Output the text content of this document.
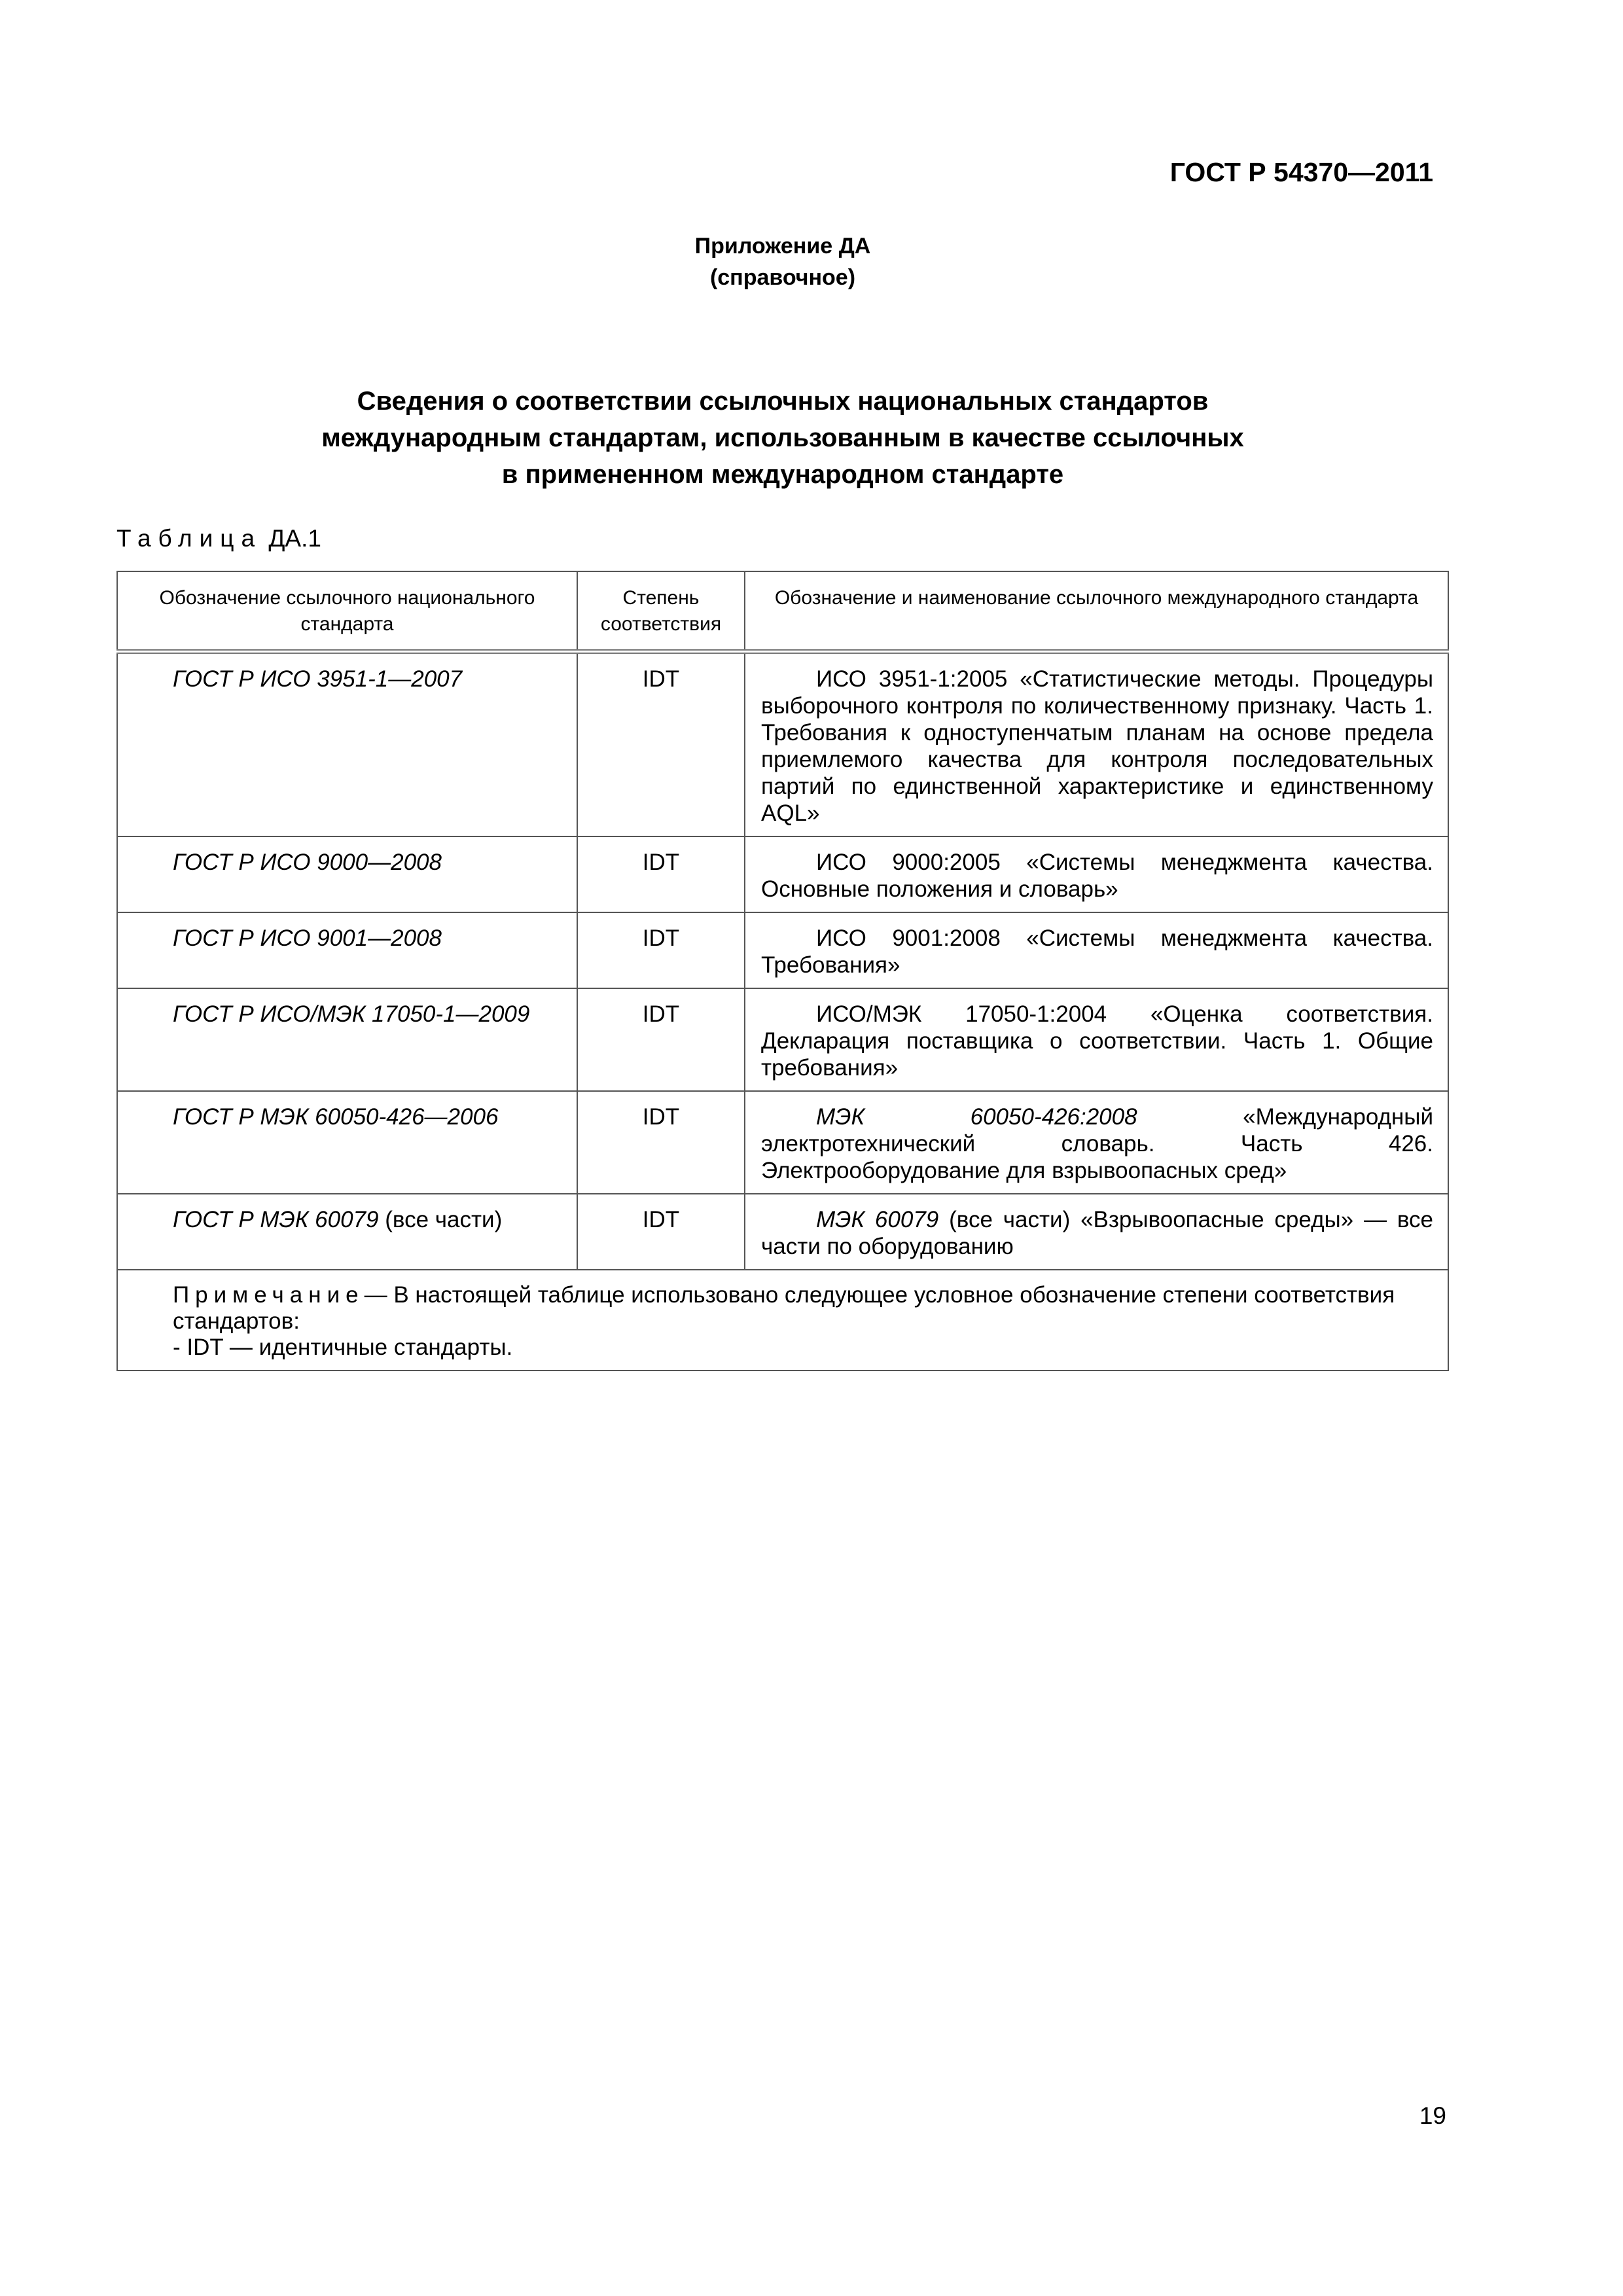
ГОСТ Р 54370—2011
Приложение ДА
(справочное)
Сведения о соответствии ссылочных национальных стандартов
международным стандартам, использованным в качестве ссылочных
в примененном международном стандарте
Таблица ДА.1
Обозначение ссылочного национального стандарта	Степень соответствия	Обозначение и наименование ссылочного международного стандарта
ГОСТ Р ИСО 3951-1—2007	IDT	ИСО 3951-1:2005 «Статистические методы. Процедуры выборочного контроля по количественному признаку. Часть 1. Требования к одноступенчатым планам на основе предела приемлемого качества для контроля последовательных партий по единственной характеристике и единственному AQL»
ГОСТ Р ИСО 9000—2008	IDT	ИСО 9000:2005 «Системы менеджмента качества. Основные положения и словарь»
ГОСТ Р ИСО 9001—2008	IDT	ИСО 9001:2008 «Системы менеджмента качества. Требования»
ГОСТ Р ИСО/МЭК 17050-1—2009	IDT	ИСО/МЭК 17050-1:2004 «Оценка соответствия. Декларация поставщика о соответствии. Часть 1. Общие требования»
ГОСТ Р МЭК 60050-426—2006	IDT	МЭК 60050-426:2008 «Международный электротехнический словарь. Часть 426. Электрооборудование для взрывоопасных сред»
ГОСТ Р МЭК 60079 (все части)	IDT	МЭК 60079 (все части) «Взрывоопасные среды» — все части по оборудованию
Примечание— В настоящей таблице использовано следующее условное обозначение степени соответствия стандартов:
- IDT — идентичные стандарты.		
19
